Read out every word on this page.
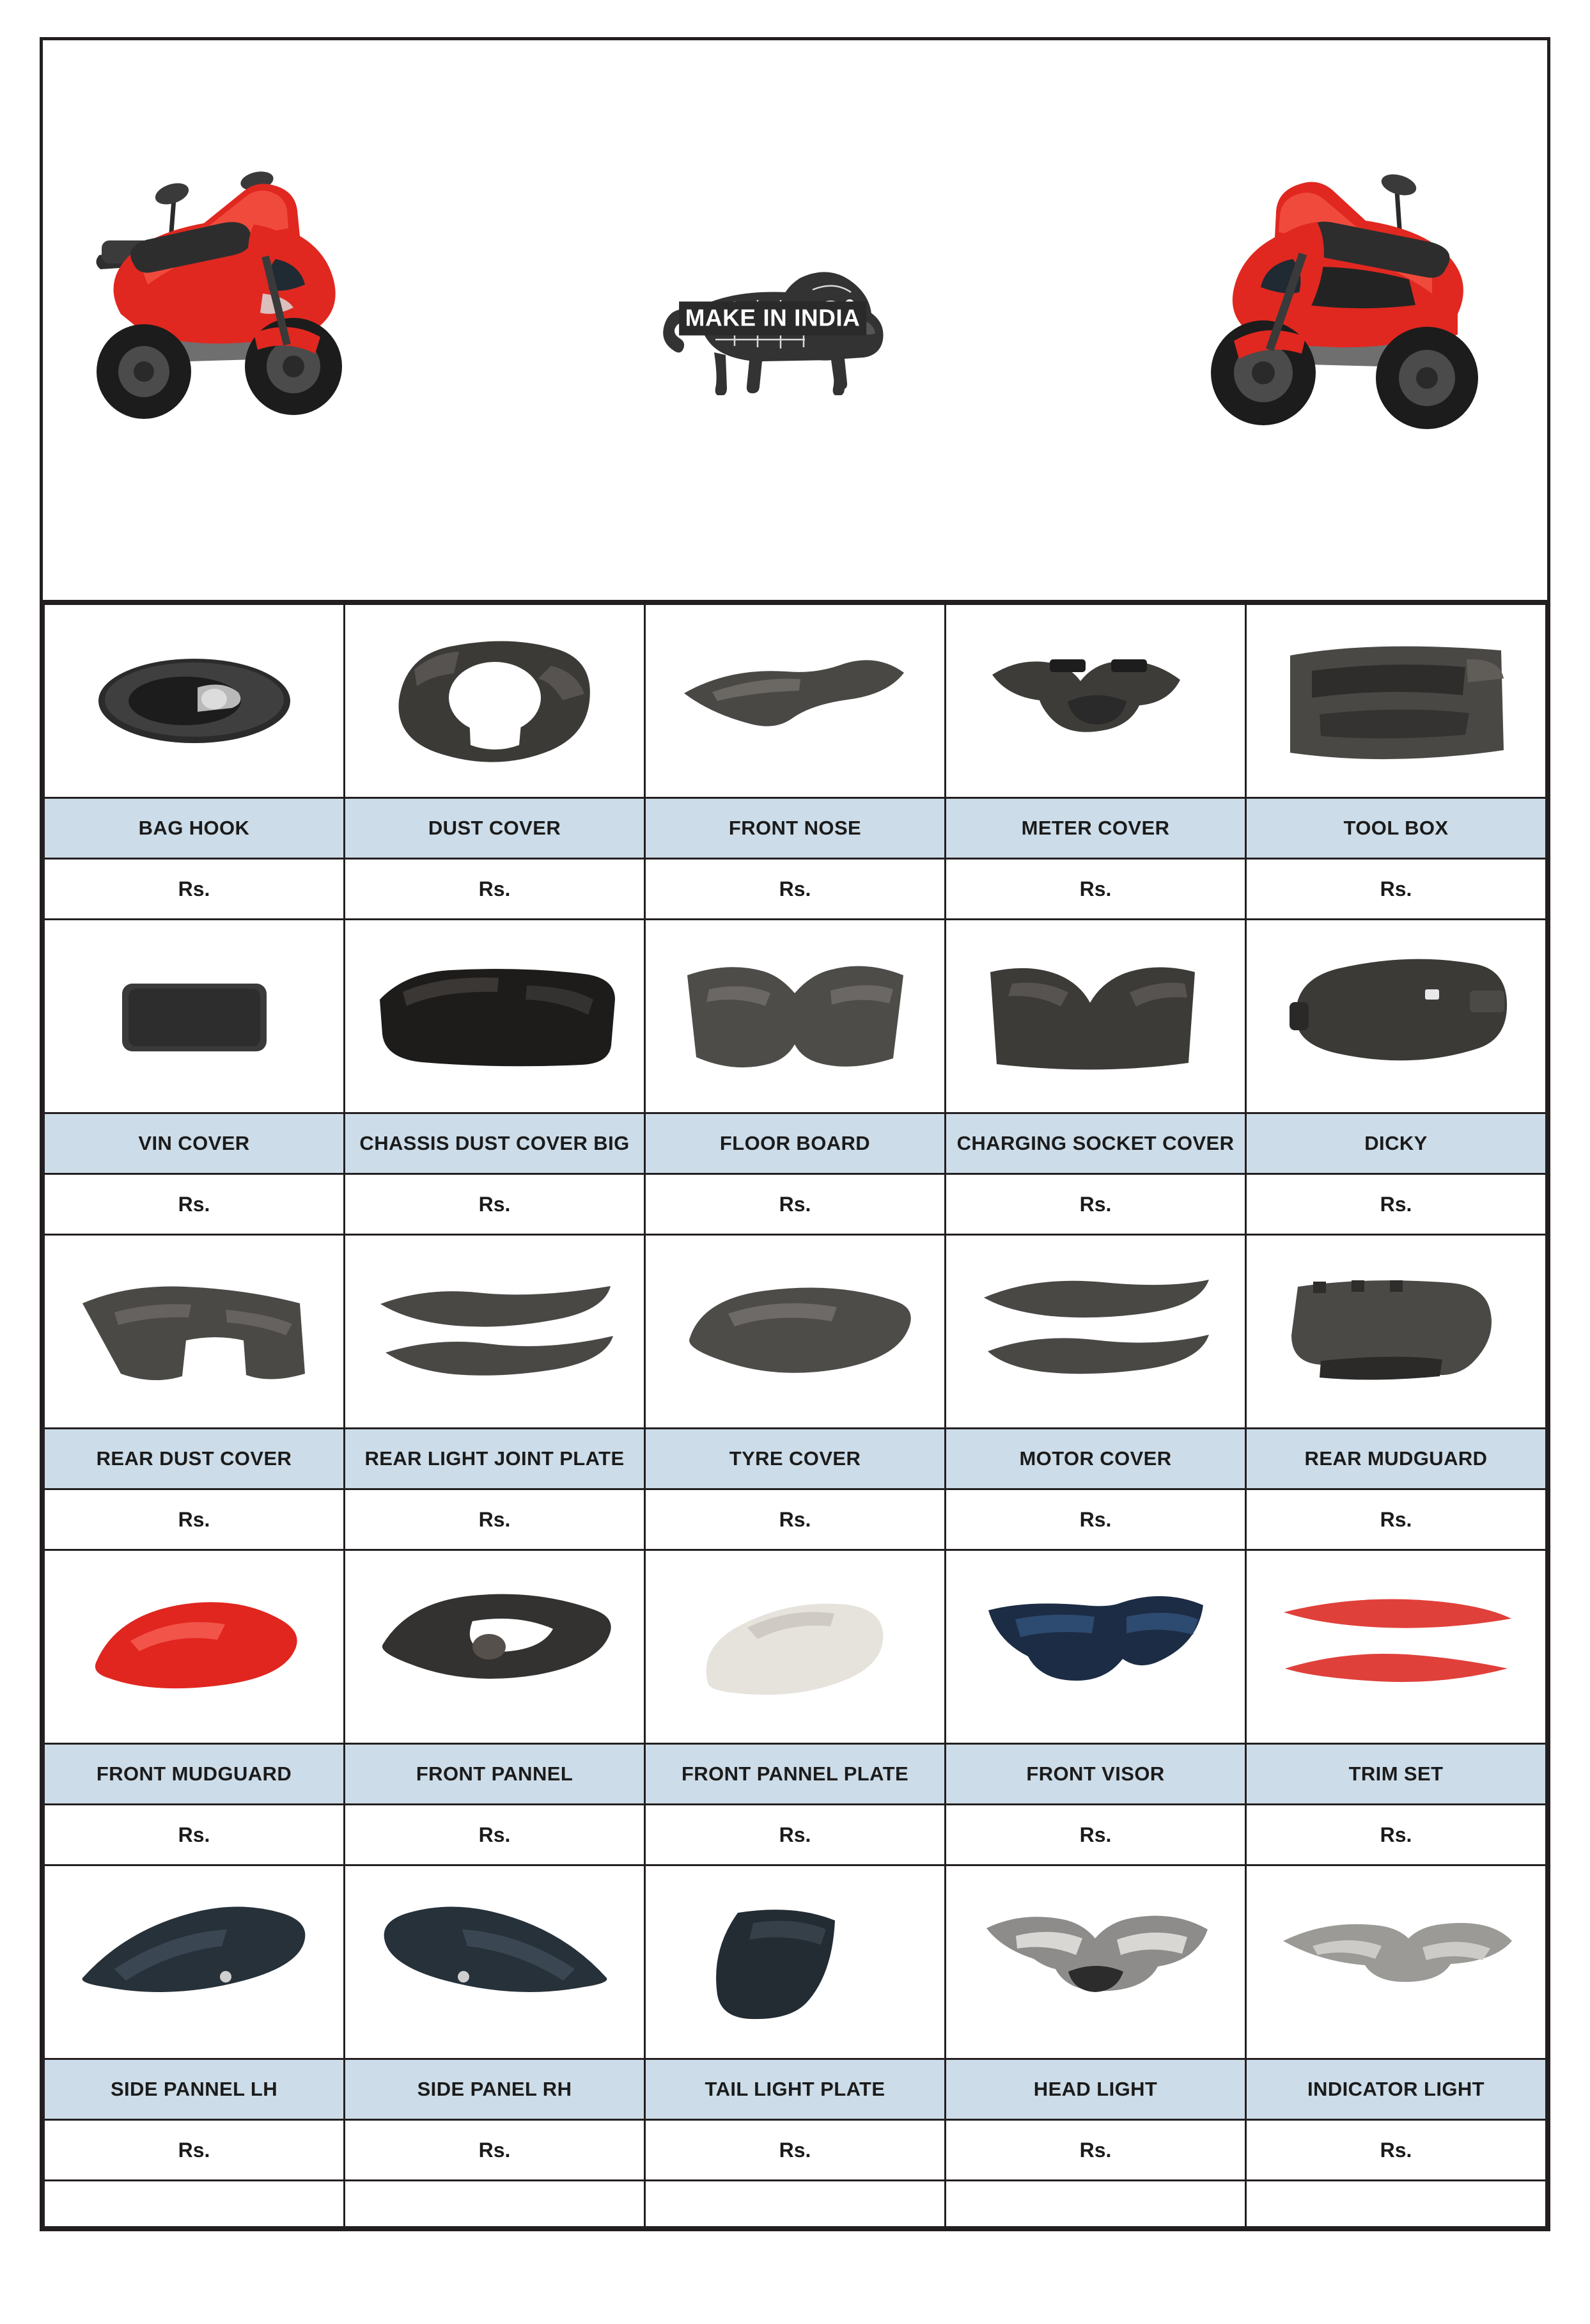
MAKE IN INDIA

BAG HOOK	DUST COVER	FRONT NOSE	METER COVER	TOOL BOX
Rs.	Rs.	Rs.	Rs.	Rs.

VIN COVER	CHASSIS DUST COVER BIG	FLOOR BOARD	CHARGING SOCKET COVER	DICKY
Rs.	Rs.	Rs.	Rs.	Rs.

REAR DUST COVER	REAR LIGHT JOINT PLATE	TYRE COVER	MOTOR COVER	REAR MUDGUARD
Rs.	Rs.	Rs.	Rs.	Rs.

FRONT MUDGUARD	FRONT PANNEL	FRONT PANNEL PLATE	FRONT VISOR	TRIM SET
Rs.	Rs.	Rs.	Rs.	Rs.

SIDE PANNEL LH	SIDE PANEL RH	TAIL LIGHT PLATE	HEAD LIGHT	INDICATOR LIGHT
Rs.	Rs.	Rs.	Rs.	Rs.
